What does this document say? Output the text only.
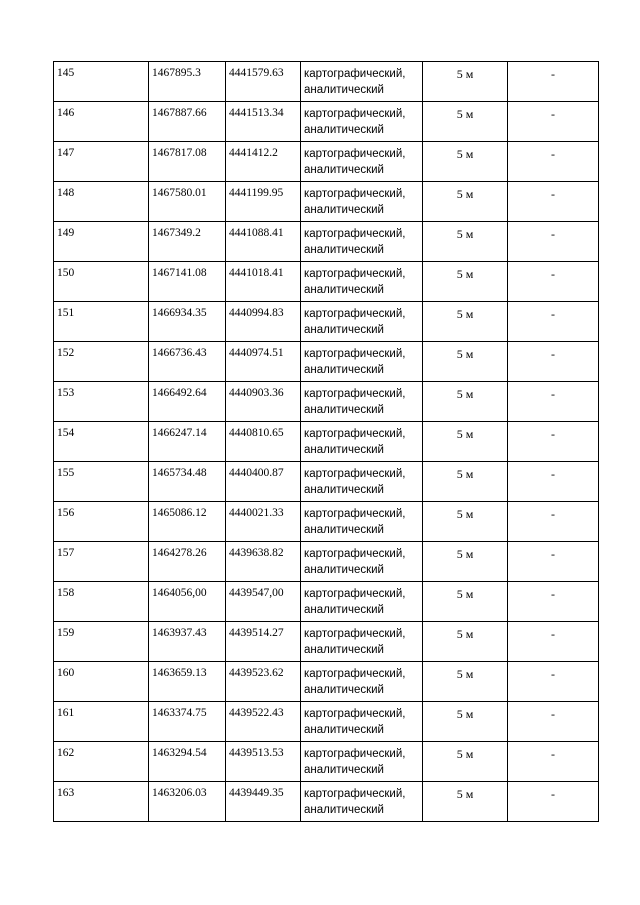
145	1467895.3	4441579.63	картографический,
аналитический	5 м	-
146	1467887.66	4441513.34	картографический,
аналитический	5 м	-
147	1467817.08	4441412.2	картографический,
аналитический	5 м	-
148	1467580.01	4441199.95	картографический,
аналитический	5 м	-
149	1467349.2	4441088.41	картографический,
аналитический	5 м	-
150	1467141.08	4441018.41	картографический,
аналитический	5 м	-
151	1466934.35	4440994.83	картографический,
аналитический	5 м	-
152	1466736.43	4440974.51	картографический,
аналитический	5 м	-
153	1466492.64	4440903.36	картографический,
аналитический	5 м	-
154	1466247.14	4440810.65	картографический,
аналитический	5 м	-
155	1465734.48	4440400.87	картографический,
аналитический	5 м	-
156	1465086.12	4440021.33	картографический,
аналитический	5 м	-
157	1464278.26	4439638.82	картографический,
аналитический	5 м	-
158	1464056,00	4439547,00	картографический,
аналитический	5 м	-
159	1463937.43	4439514.27	картографический,
аналитический	5 м	-
160	1463659.13	4439523.62	картографический,
аналитический	5 м	-
161	1463374.75	4439522.43	картографический,
аналитический	5 м	-
162	1463294.54	4439513.53	картографический,
аналитический	5 м	-
163	1463206.03	4439449.35	картографический,
аналитический	5 м	-
